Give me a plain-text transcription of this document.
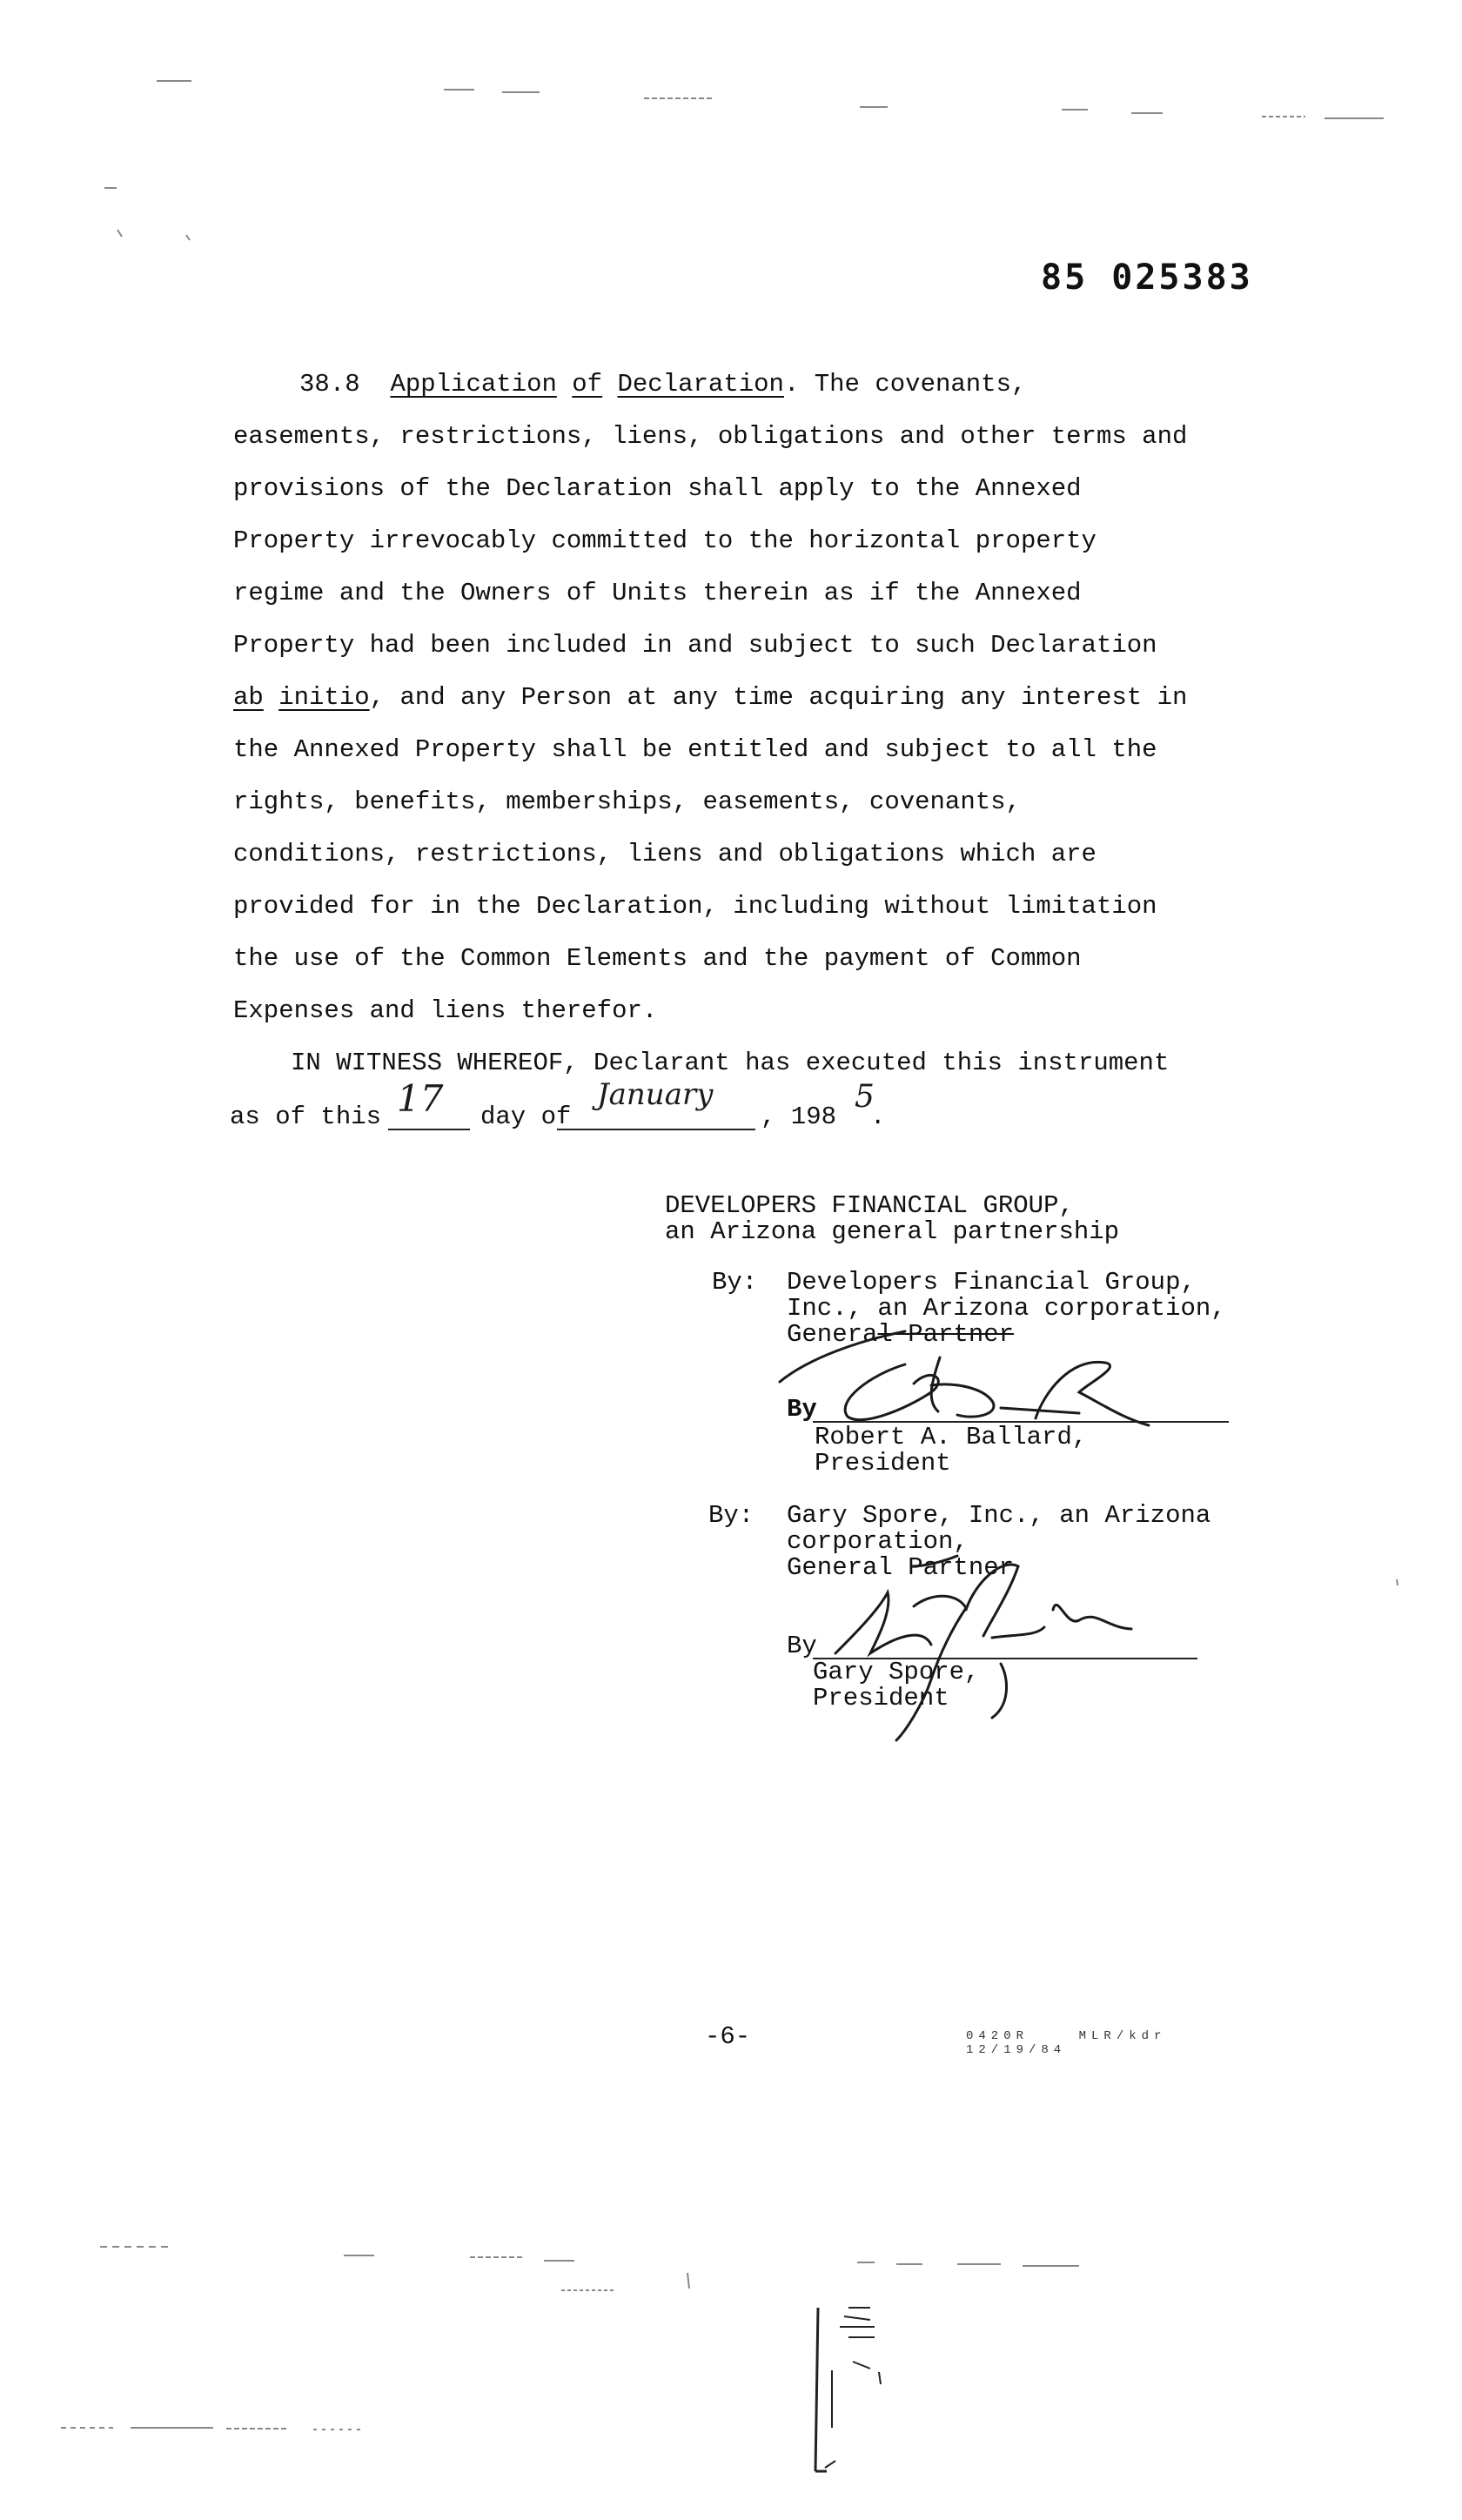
85 025383
38.8 Application of Declaration. The covenants,
easements, restrictions, liens, obligations and other terms and
provisions of the Declaration shall apply to the Annexed
Property irrevocably committed to the horizontal property
regime and the Owners of Units therein as if the Annexed
Property had been included in and subject to such Declaration
ab initio, and any Person at any time acquiring any interest in
the Annexed Property shall be entitled and subject to all the
rights, benefits, memberships, easements, covenants,
conditions, restrictions, liens and obligations which are
provided for in the Declaration, including without limitation
the use of the Common Elements and the payment of Common
Expenses and liens therefor.
IN WITNESS WHEREOF, Declarant has executed this instrument
as of this 17 day of
January
, 198
5
.
DEVELOPERS FINANCIAL GROUP,
an Arizona general partnership
By: Developers Financial Group,
Inc., an Arizona corporation,
General Partner
By
Robert A. Ballard,
President
By: Gary Spore, Inc., an Arizona
corporation,
General Partner
By
Gary Spore,
President
-6-	0420R    MLR/kdr
12/19/84
